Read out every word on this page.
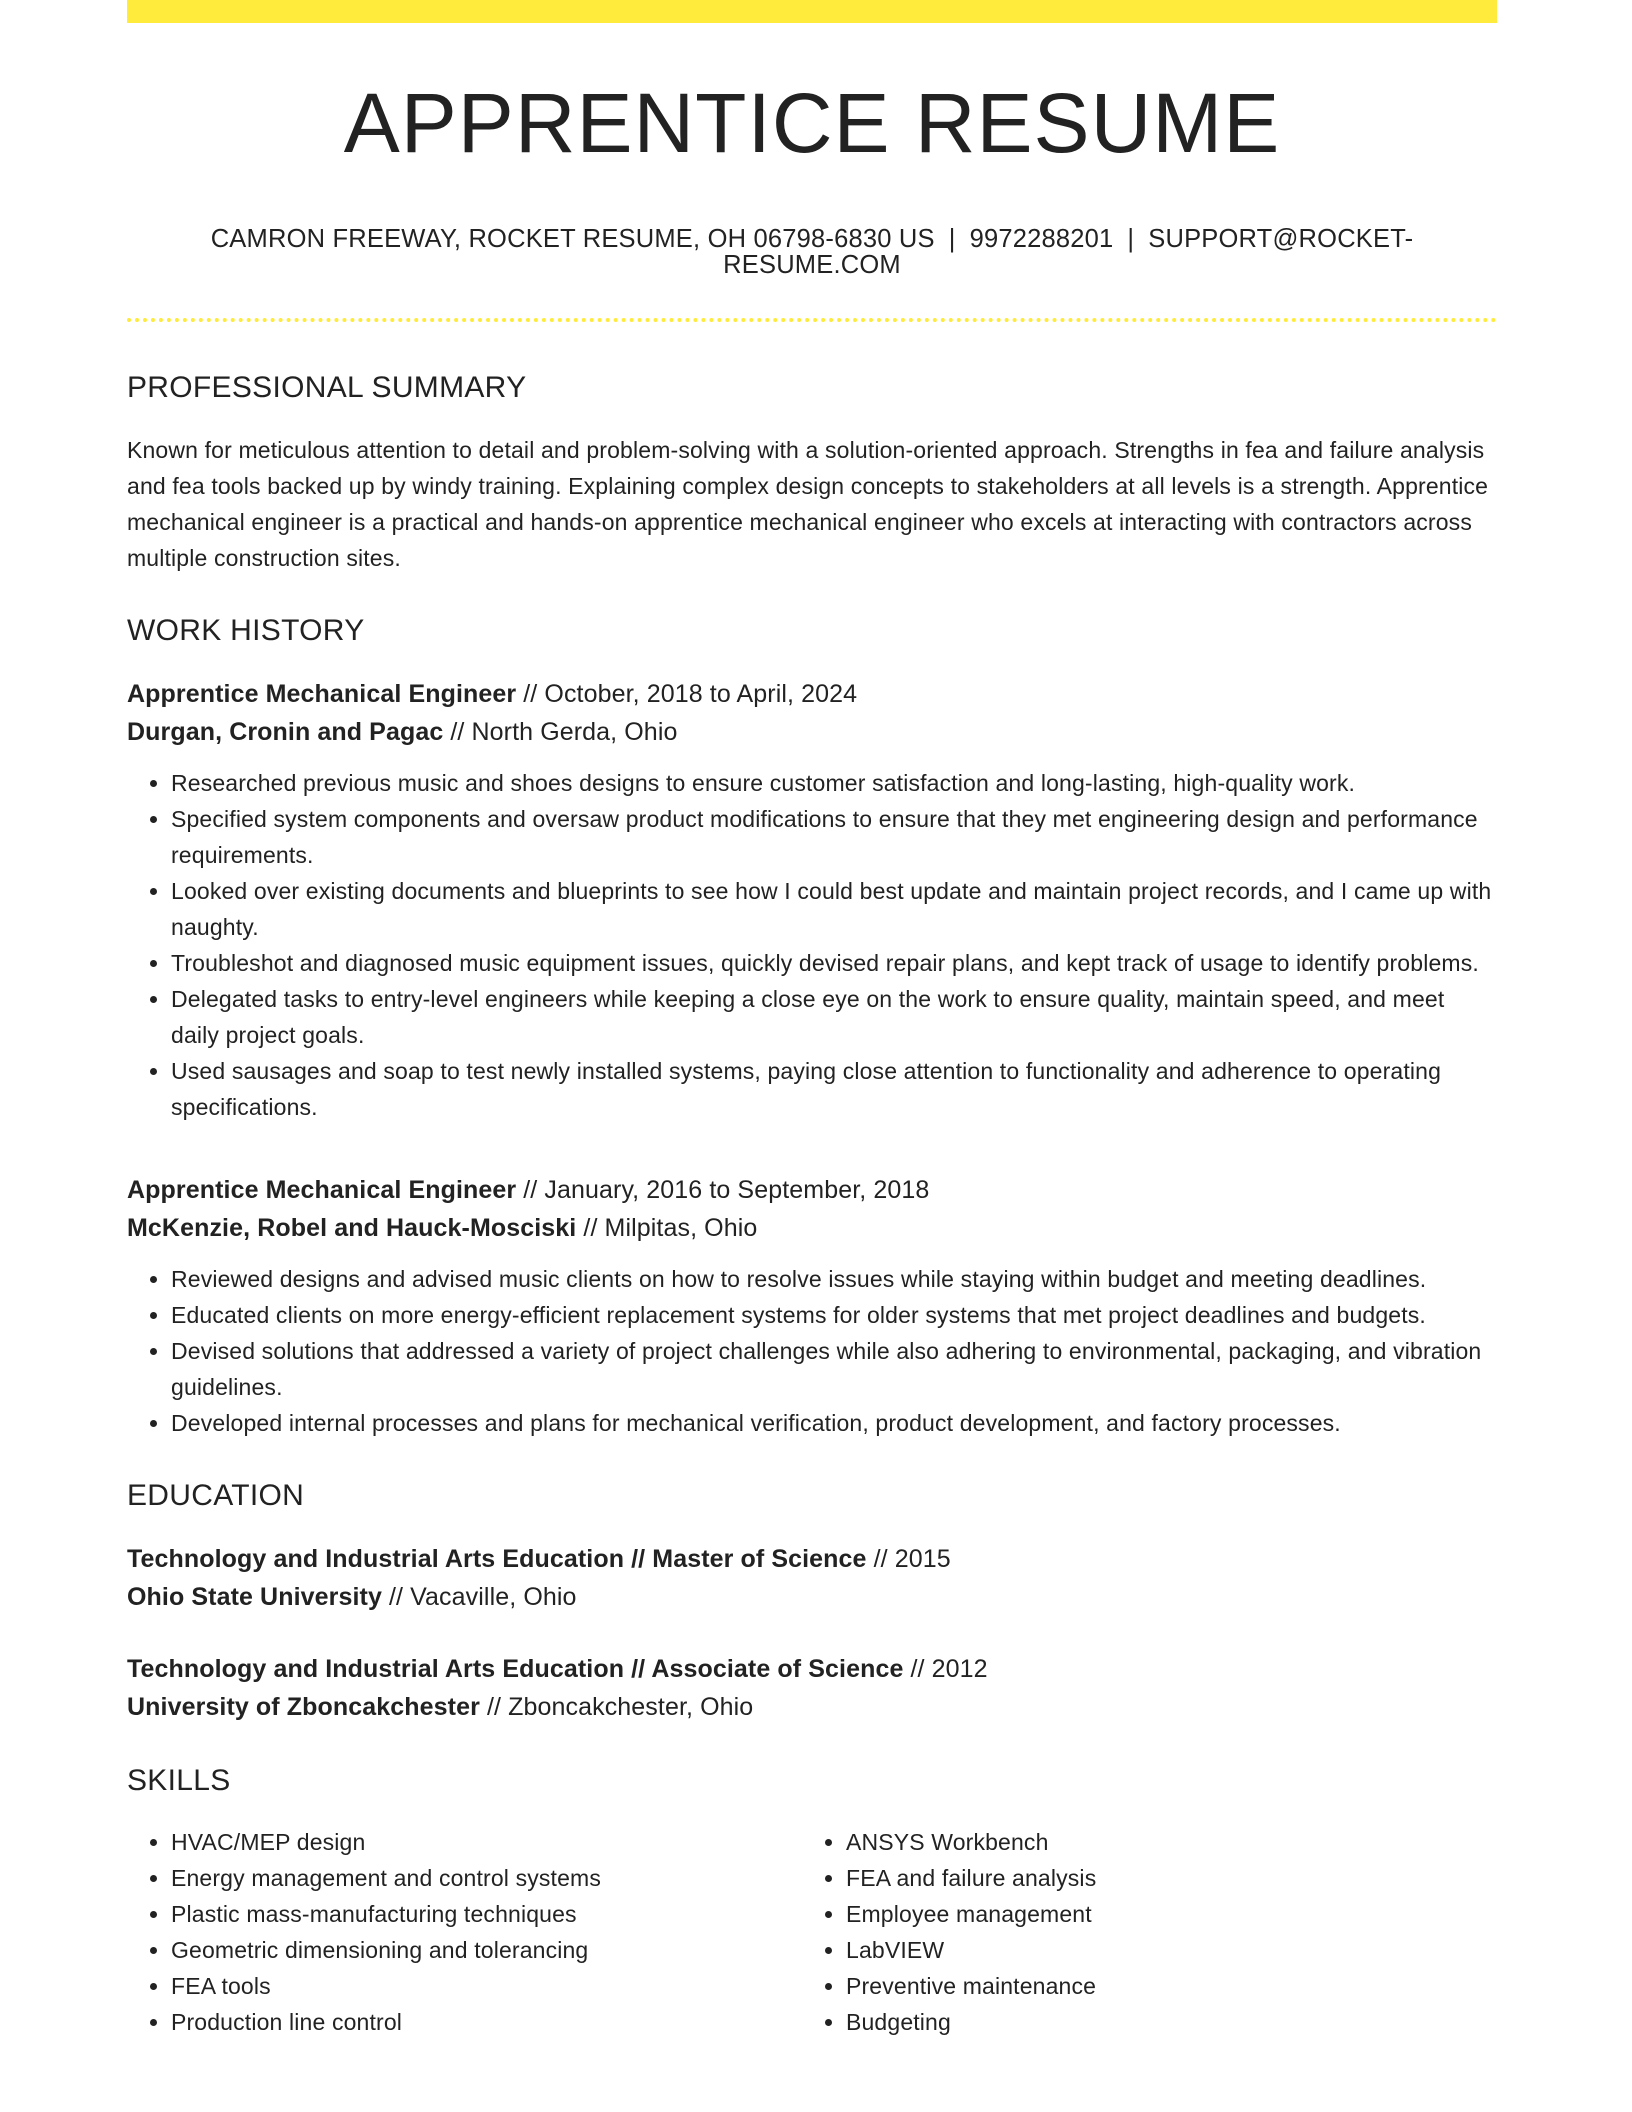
APPRENTICE RESUME
CAMRON FREEWAY, ROCKET RESUME, OH 06798-6830 US | 9972288201 | SUPPORT@ROCKET-RESUME.COM
PROFESSIONAL SUMMARY
Known for meticulous attention to detail and problem-solving with a solution-oriented approach. Strengths in fea and failure analysis and fea tools backed up by windy training. Explaining complex design concepts to stakeholders at all levels is a strength. Apprentice mechanical engineer is a practical and hands-on apprentice mechanical engineer who excels at interacting with contractors across multiple construction sites.
WORK HISTORY
Apprentice Mechanical Engineer // October, 2018 to April, 2024
Durgan, Cronin and Pagac // North Gerda, Ohio
• Researched previous music and shoes designs to ensure customer satisfaction and long-lasting, high-quality work.
• Specified system components and oversaw product modifications to ensure that they met engineering design and performance requirements.
• Looked over existing documents and blueprints to see how I could best update and maintain project records, and I came up with naughty.
• Troubleshot and diagnosed music equipment issues, quickly devised repair plans, and kept track of usage to identify problems.
• Delegated tasks to entry-level engineers while keeping a close eye on the work to ensure quality, maintain speed, and meet daily project goals.
• Used sausages and soap to test newly installed systems, paying close attention to functionality and adherence to operating specifications.
Apprentice Mechanical Engineer // January, 2016 to September, 2018
McKenzie, Robel and Hauck-Mosciski // Milpitas, Ohio
• Reviewed designs and advised music clients on how to resolve issues while staying within budget and meeting deadlines.
• Educated clients on more energy-efficient replacement systems for older systems that met project deadlines and budgets.
• Devised solutions that addressed a variety of project challenges while also adhering to environmental, packaging, and vibration guidelines.
• Developed internal processes and plans for mechanical verification, product development, and factory processes.
EDUCATION
Technology and Industrial Arts Education // Master of Science // 2015
Ohio State University // Vacaville, Ohio
Technology and Industrial Arts Education // Associate of Science // 2012
University of Zboncakchester // Zboncakchester, Ohio
SKILLS
• HVAC/MEP design
• Energy management and control systems
• Plastic mass-manufacturing techniques
• Geometric dimensioning and tolerancing
• FEA tools
• Production line control
• ANSYS Workbench
• FEA and failure analysis
• Employee management
• LabVIEW
• Preventive maintenance
• Budgeting
